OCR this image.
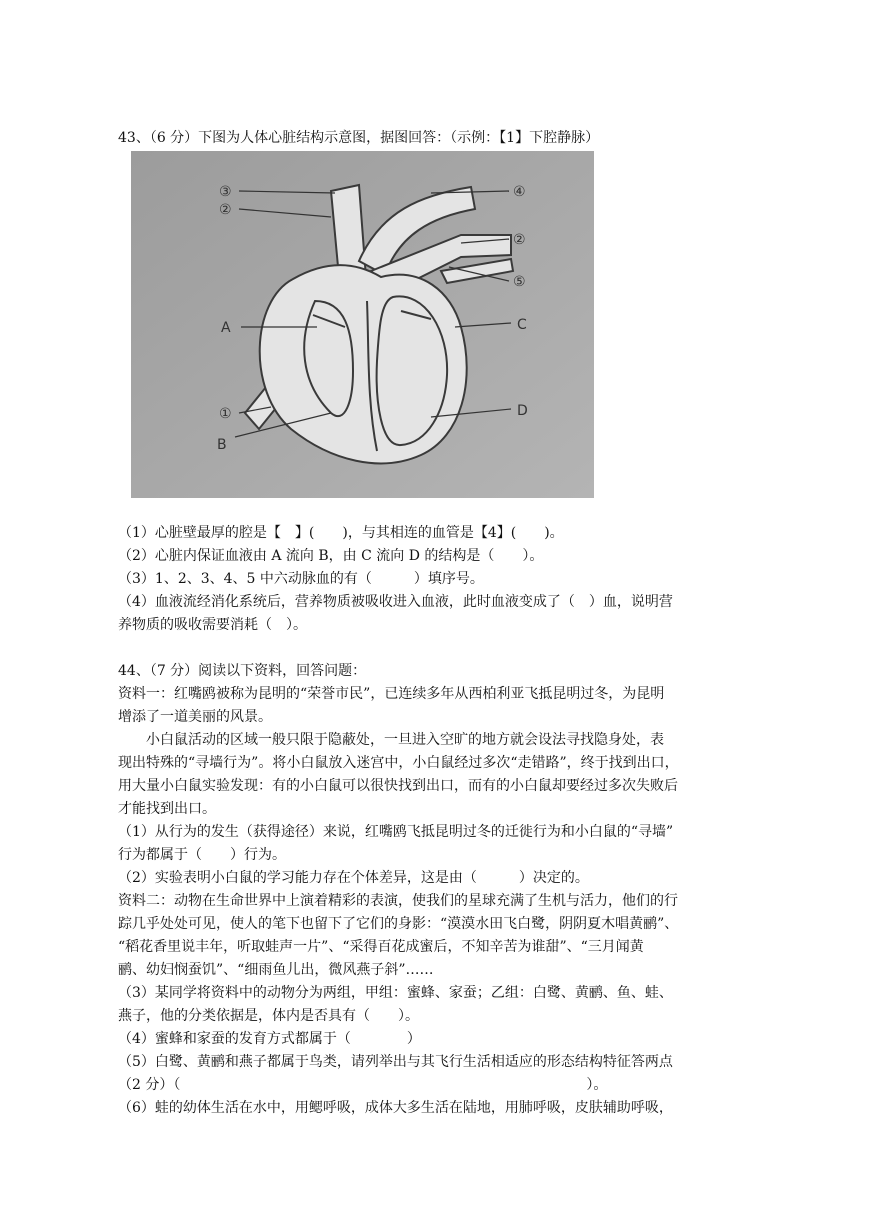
43、（6 分）下图为人体心脏结构示意图，据图回答：（示例：【1】下腔静脉）
③
②
④
②
⑤
A	C
①	D
B
（1）心脏壁最厚的腔是【　】(　　)，与其相连的血管是【4】(　　)。
（2）心脏内保证血液由 A 流向 B，由 C 流向 D 的结构是（　　）。
（3）1、2、3、4、5 中六动脉血的有（　　　）填序号。
（4）血液流经消化系统后，营养物质被吸收进入血液，此时血液变成了（　）血，说明营
养物质的吸收需要消耗（　）。
44、（7 分）阅读以下资料，回答问题：
资料一：红嘴鸥被称为昆明的“荣誉市民”，已连续多年从西柏利亚飞抵昆明过冬，为昆明
增添了一道美丽的风景。
小白鼠活动的区域一般只限于隐蔽处，一旦进入空旷的地方就会设法寻找隐身处，表
现出特殊的“寻墙行为”。将小白鼠放入迷宫中，小白鼠经过多次“走错路”，终于找到出口，
用大量小白鼠实验发现：有的小白鼠可以很快找到出口，而有的小白鼠却要经过多次失败后
才能找到出口。
（1）从行为的发生（获得途径）来说，红嘴鸥飞抵昆明过冬的迁徙行为和小白鼠的“寻墙”
行为都属于（　　）行为。
（2）实验表明小白鼠的学习能力存在个体差异，这是由（　　　）决定的。
资料二：动物在生命世界中上演着精彩的表演，使我们的星球充满了生机与活力，他们的行
踪几乎处处可见，使人的笔下也留下了它们的身影：“漠漠水田飞白鹭，阴阴夏木唱黄鹂”、
“稻花香里说丰年，听取蛙声一片”、“采得百花成蜜后，不知辛苦为谁甜”、“三月闻黄
鹂、幼妇悯蚕饥”、“细雨鱼儿出，微风燕子斜”……
（3）某同学将资料中的动物分为两组，甲组：蜜蜂、家蚕；乙组：白鹭、黄鹂、鱼、蛙、
燕子，他的分类依据是，体内是否具有（　　）。
（4）蜜蜂和家蚕的发育方式都属于（　　　　）
（5）白鹭、黄鹂和燕子都属于鸟类，请列举出与其飞行生活相适应的形态结构特征答两点
（2 分）（　　　　　　　　　　　　　　　　　　　　　　　　　　　　　）。
（6）蛙的幼体生活在水中，用鳃呼吸，成体大多生活在陆地，用肺呼吸，皮肤辅助呼吸，
